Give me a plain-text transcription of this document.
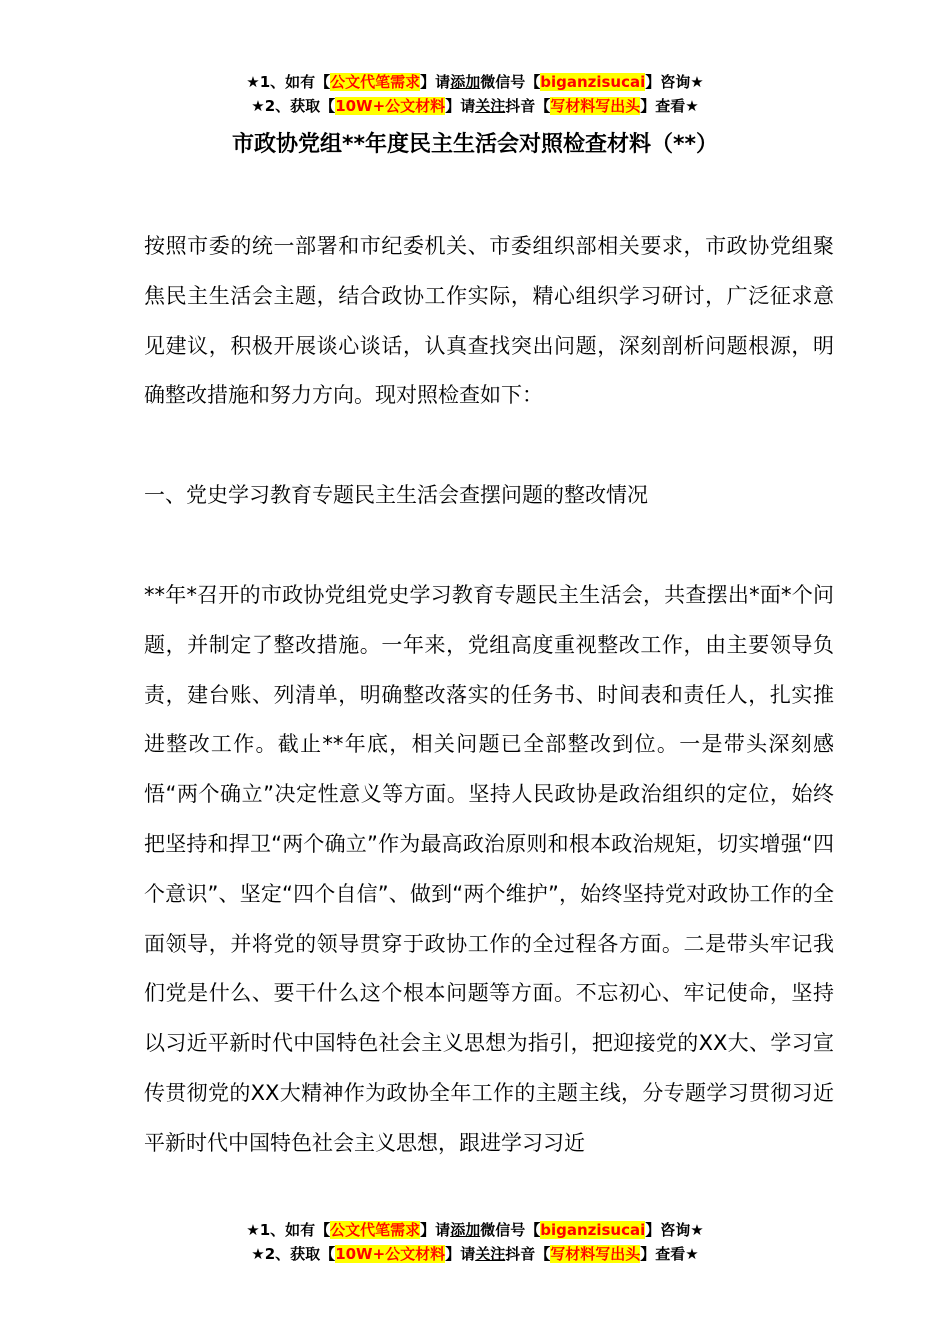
★1、如有【公文代笔需求】请添加微信号【biganzisucai】咨询★
★2、获取【10W+公文材料】请关注抖音【写材料写出头】查看★
市政协党组**年度民主生活会对照检查材料（**）

按照市委的统一部署和市纪委机关、市委组织部相关要求，市政协党组聚焦民主生活会主题，结合政协工作实际，精心组织学习研讨，广泛征求意见建议，积极开展谈心谈话，认真查找突出问题，深刻剖析问题根源，明确整改措施和努力方向。现对照检查如下：

一、党史学习教育专题民主生活会查摆问题的整改情况

**年*召开的市政协党组党史学习教育专题民主生活会，共查摆出*面*个问题，并制定了整改措施。一年来，党组高度重视整改工作，由主要领导负责，建台账、列清单，明确整改落实的任务书、时间表和责任人，扎实推进整改工作。截止**年底，相关问题已全部整改到位。一是带头深刻感悟“两个确立”决定性意义等方面。坚持人民政协是政治组织的定位，始终把坚持和捍卫“两个确立”作为最高政治原则和根本政治规矩，切实增强“四个意识”、坚定“四个自信”、做到“两个维护”，始终坚持党对政协工作的全面领导，并将党的领导贯穿于政协工作的全过程各方面。二是带头牢记我们党是什么、要干什么这个根本问题等方面。不忘初心、牢记使命，坚持以习近平新时代中国特色社会主义思想为指引，把迎接党的XX大、学习宣传贯彻党的XX大精神作为政协全年工作的主题主线，分专题学习贯彻习近平新时代中国特色社会主义思想，跟进学习习近

★1、如有【公文代笔需求】请添加微信号【biganzisucai】咨询★
★2、获取【10W+公文材料】请关注抖音【写材料写出头】查看★
